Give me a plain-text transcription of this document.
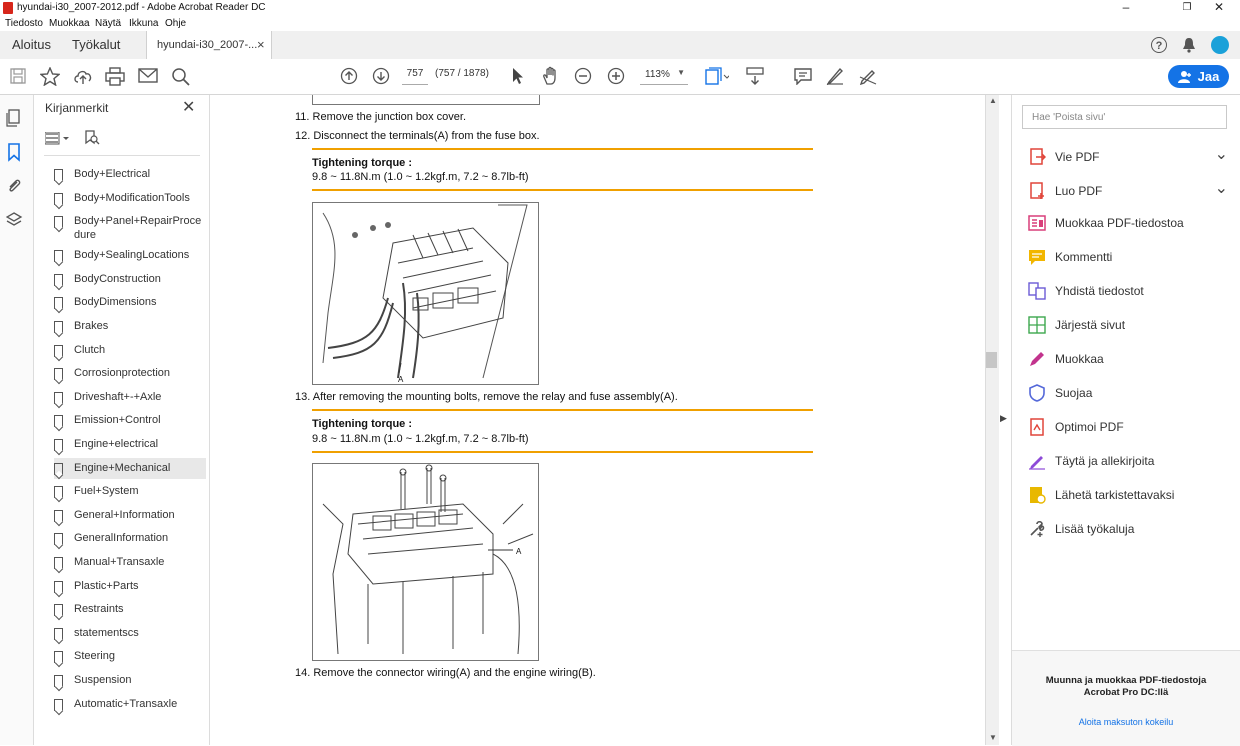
hyundai-i30_2007-2012.pdf - Adobe Acrobat Reader DC	–	❐	✕
Tiedosto Muokkaa Näytä Ikkuna Ohje
Aloitus Työkalut	hyundai-i30_2007-... ×	?
757	(757 / 1878)	113% ▼	Jaa
Kirjanmerkit	✕
Body+Electrical
Body+ModificationTools
Body+Panel+RepairProce dure
Body+SealingLocations
BodyConstruction
BodyDimensions
Brakes
Clutch
Corrosionprotection
Driveshaft+-+Axle
Emission+Control
Engine+electrical
Engine+Mechanical
Fuel+System
General+Information
GeneralInformation
Manual+Transaxle
Plastic+Parts
Restraints
statementscs
Steering
Suspension
Automatic+Transaxle
11. Remove the junction box cover.
12. Disconnect the terminals(A) from the fuse box.
Tightening torque :
9.8 ~ 11.8N.m (1.0 ~ 1.2kgf.m, 7.2 ~ 8.7lb-ft)
A
13. After removing the mounting bolts, remove the relay and fuse assembly(A).
Tightening torque :
9.8 ~ 11.8N.m (1.0 ~ 1.2kgf.m, 7.2 ~ 8.7lb-ft)
A
14. Remove the connector wiring(A) and the engine wiring(B).
▲
▼
▶
Hae 'Poista sivu'
Vie PDF	⌄
Luo PDF	⌄
Muokkaa PDF-tiedostoa
Kommentti
Yhdistä tiedostot
Järjestä sivut
Muokkaa
Suojaa
Optimoi PDF
Täytä ja allekirjoita
Lähetä tarkistettavaksi
Lisää työkaluja
Muunna ja muokkaa PDF-tiedostoja Acrobat Pro DC:llä
Aloita maksuton kokeilu
